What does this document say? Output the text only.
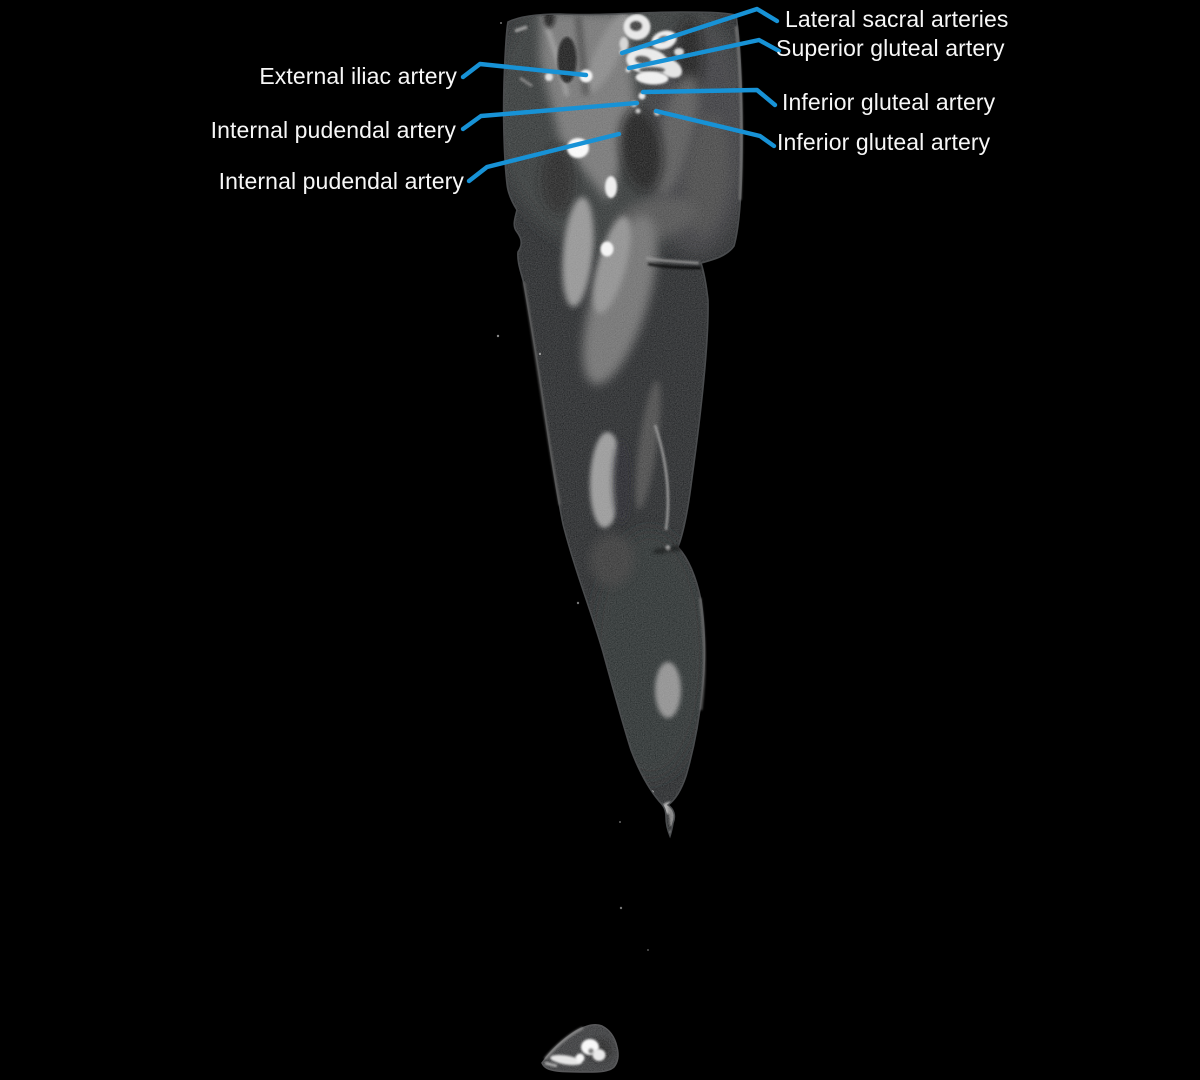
Lateral sacral arteries
Superior gluteal artery
Inferior gluteal artery
Inferior gluteal artery
External iliac artery
Internal pudendal artery
Internal pudendal artery
